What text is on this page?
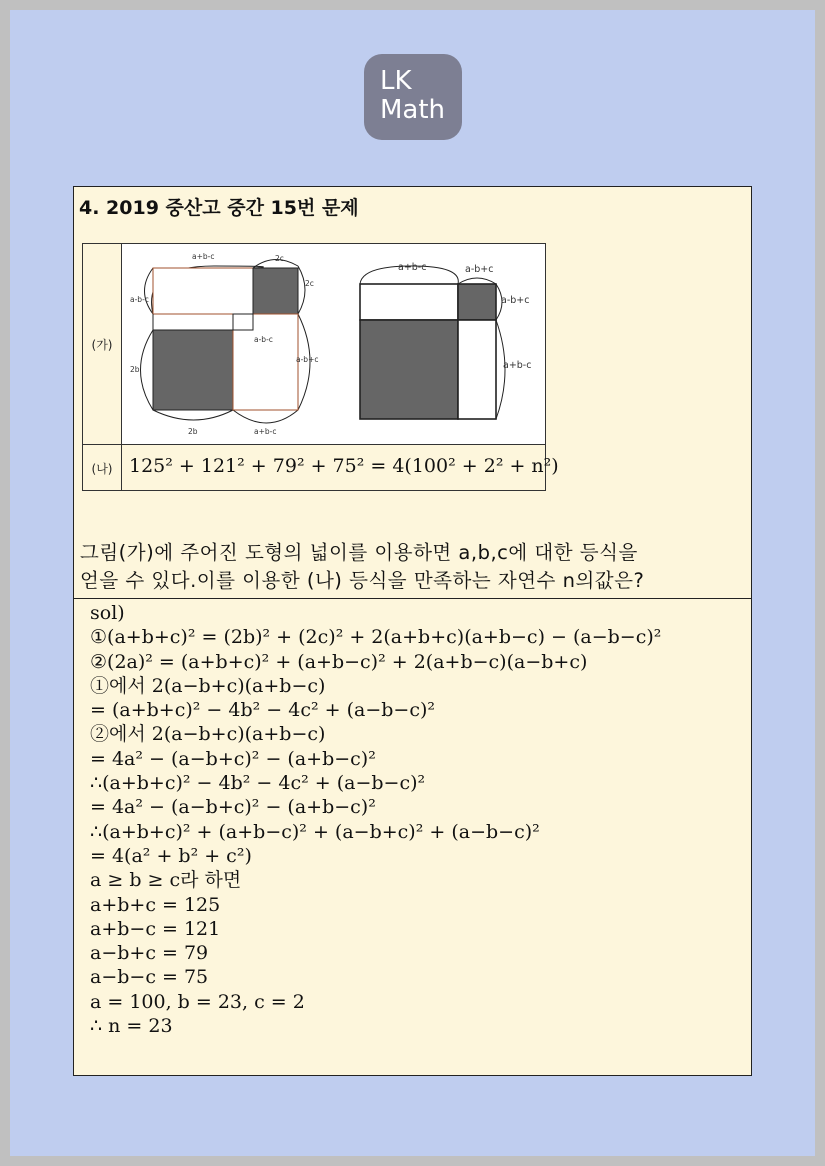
LK
Math
4. 2019 중산고 중간 15번 문제
(가)
a+b-c	2c
2c
a-b-c
a-b-c
2b
a+b-c
2b
a-b+c
a+b-c	a-b+c
a-b+c
a+b-c
(나) 125² + 121² + 79² + 75² = 4(100² + 2² + n²)
그림(가)에 주어진 도형의 넓이를 이용하면 a,b,c에 대한 등식을
얻을 수 있다.이를 이용한 (나) 등식을 만족하는 자연수 n의값은?
sol)
①(a+b+c)² = (2b)² + (2c)² + 2(a+b+c)(a+b−c) − (a−b−c)²
②(2a)² = (a+b+c)² + (a+b−c)² + 2(a+b−c)(a−b+c)
①에서 2(a−b+c)(a+b−c)
= (a+b+c)² − 4b² − 4c² + (a−b−c)²
②에서 2(a−b+c)(a+b−c)
= 4a² − (a−b+c)² − (a+b−c)²
∴(a+b+c)² − 4b² − 4c² + (a−b−c)²
= 4a² − (a−b+c)² − (a+b−c)²
∴(a+b+c)² + (a+b−c)² + (a−b+c)² + (a−b−c)²
= 4(a² + b² + c²)
a ≥ b ≥ c라 하면
a+b+c = 125
a+b−c = 121
a−b+c = 79
a−b−c = 75
a = 100, b = 23, c = 2
∴ n = 23
